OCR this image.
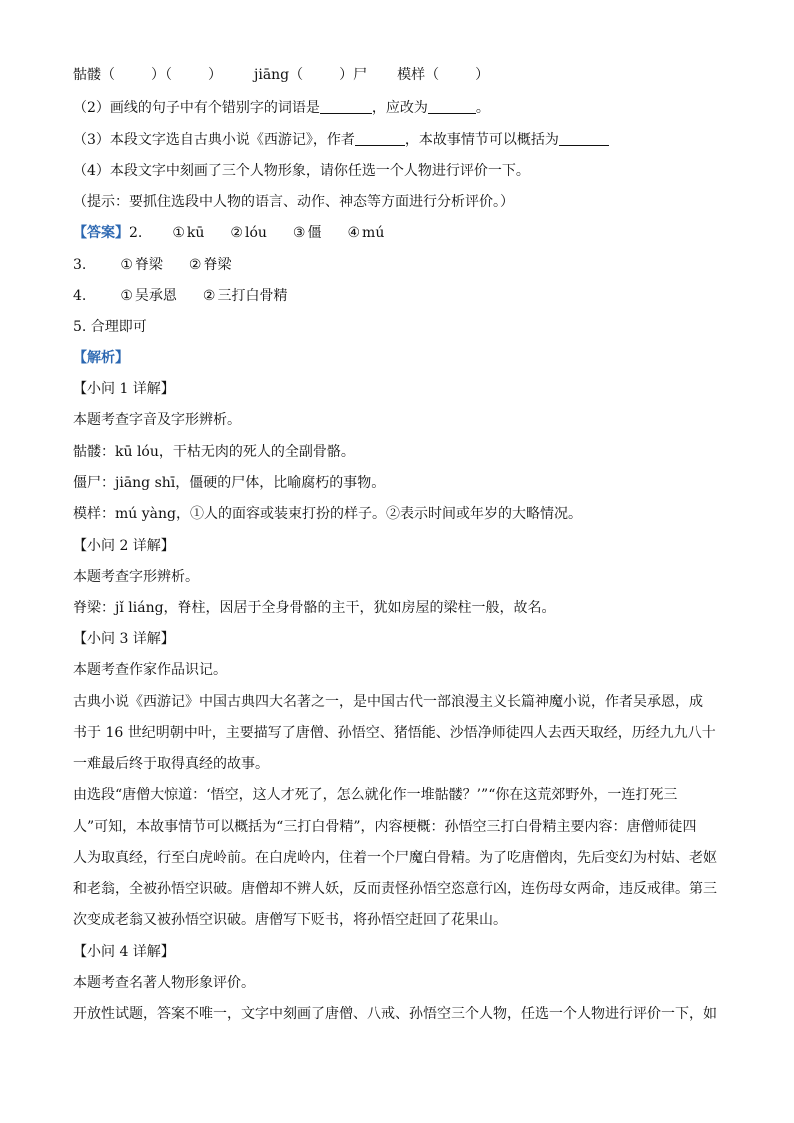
骷髅（	）（	） jiāng（	）尸 模样（	）
（2）画线的句子中有个错别字的词语是	，应改为	。
（3）本段文字选自古典小说《西游记》，作者	，本故事情节可以概括为
（4）本段文字中刻画了三个人物形象，请你任选一个人物进行评价一下。
（提示：要抓住选段中人物的语言、动作、神态等方面进行分析评价。）
【答案】2. ① kū ② lóu ③ 僵 ④ mú
3. ① 脊梁 ② 脊梁
4. ① 吴承恩 ② 三打白骨精
5. 合理即可
【解析】
【小问 1 详解】
本题考查字音及字形辨析。
骷髅：kū lóu，干枯无肉的死人的全副骨骼。
僵尸：jiāng shī，僵硬的尸体，比喻腐朽的事物。
模样：mú yàng，①人的面容或装束打扮的样子。②表示时间或年岁的大略情况。
【小问 2 详解】
本题考查字形辨析。
脊梁：jǐ liáng，脊柱，因居于全身骨骼的主干，犹如房屋的梁柱一般，故名。
【小问 3 详解】
本题考查作家作品识记。
古典小说《西游记》中国古典四大名著之一，是中国古代一部浪漫主义长篇神魔小说，作者吴承恩，成
书于 16 世纪明朝中叶，主要描写了唐僧、孙悟空、猪悟能、沙悟净师徒四人去西天取经，历经九九八十
一难最后终于取得真经的故事。
由选段“唐僧大惊道：‘悟空，这人才死了，怎么就化作一堆骷髅？’”“你在这荒郊野外，一连打死三
人”可知，本故事情节可以概括为“三打白骨精”，内容梗概：孙悟空三打白骨精主要内容：唐僧师徒四
人为取真经，行至白虎岭前。在白虎岭内，住着一个尸魔白骨精。为了吃唐僧肉，先后变幻为村姑、老妪
和老翁，全被孙悟空识破。唐僧却不辨人妖，反而责怪孙悟空恣意行凶，连伤母女两命，违反戒律。第三
次变成老翁又被孙悟空识破。唐僧写下贬书，将孙悟空赶回了花果山。
【小问 4 详解】
本题考查名著人物形象评价。
开放性试题，答案不唯一，文字中刻画了唐僧、八戒、孙悟空三个人物，任选一个人物进行评价一下，如
